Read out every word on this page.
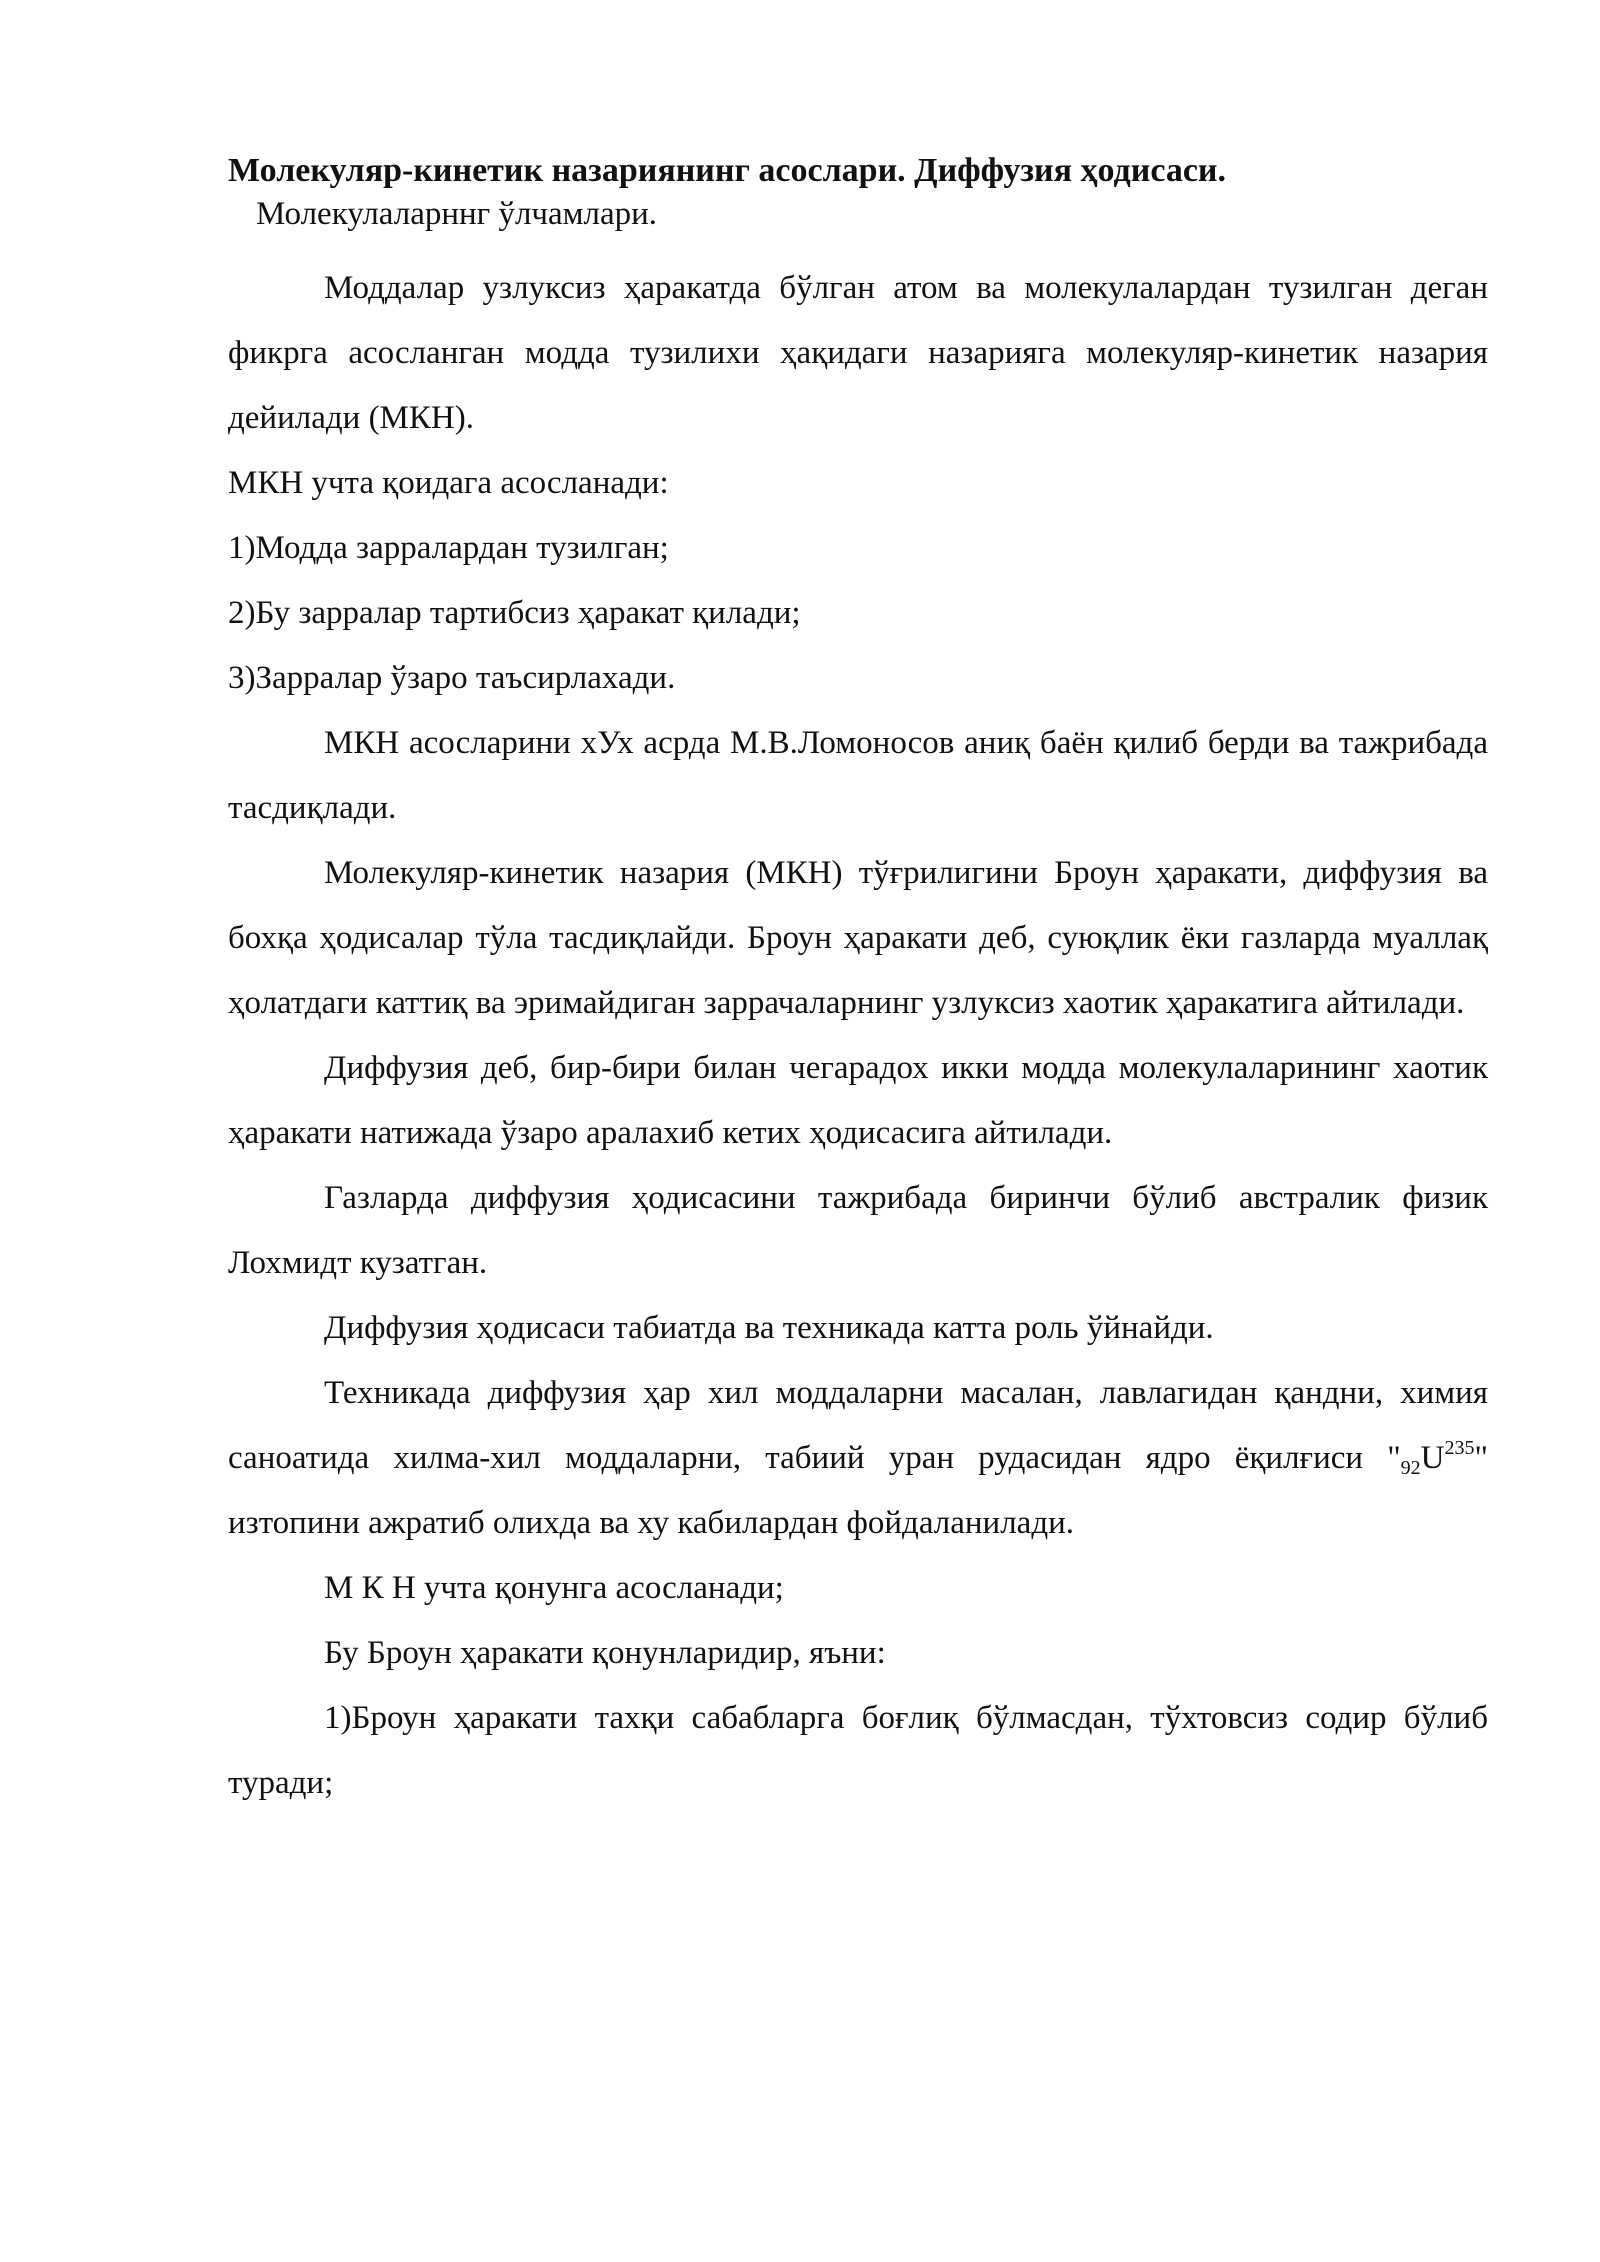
Молекуляр-кинетик назариянинг асослари. Диффузия ҳодисаси.

Молекулаларннг ўлчамлари.

Моддалар узлуксиз ҳаракатда бўлган атом ва молекулалардан тузилган деган фикрга асосланган модда тузилихи ҳақидаги назарияга молекуляр-кинетик назария дейилади (МКН).

МКН учта қоидага асосланади:

1)Модда зарралардан тузилган;

2)Бу зарралар тартибсиз ҳаракат қилади;

3)Зарралар ўзаро таъсирлахади.

МКН асосларини хУх асрда М.В.Ломоносов аниқ баён қилиб берди ва тажрибада тасдиқлади.

Молекуляр-кинетик назария (МКН) тўғрилигини Броун ҳаракати, диффузия ва бохқа ҳодисалар тўла тасдиқлайди. Броун ҳаракати деб, суюқлик ёки газларда муаллақ ҳолатдаги каттиқ ва эримайдиган заррачаларнинг узлуксиз хаотик ҳаракатига айтилади.

Диффузия деб, бир-бири билан чегарадох икки модда молекулаларининг хаотик ҳаракати натижада ўзаро аралахиб кетих ҳодисасига айтилади.

Газларда диффузия ҳодисасини тажрибада биринчи бўлиб австралик физик Лохмидт кузатган.

Диффузия ҳодисаси табиатда ва техникада катта роль ўйнайди.

Техникада диффузия ҳар хил моддаларни масалан, лавлагидан қандни, химия саноатида хилма-хил моддаларни, табиий уран рудасидан ядро ёқилғиси "$92U^{235}$" изтопини ажратиб олихда ва ху кабилардан фойдаланилади.

М К Н учта қонунга асосланади;

Бу Броун ҳаракати қонунларидир, яъни:

1)Броун ҳаракати тахқи сабабларга боғлиқ бўлмасдан, тўхтовсиз содир бўлиб туради;
